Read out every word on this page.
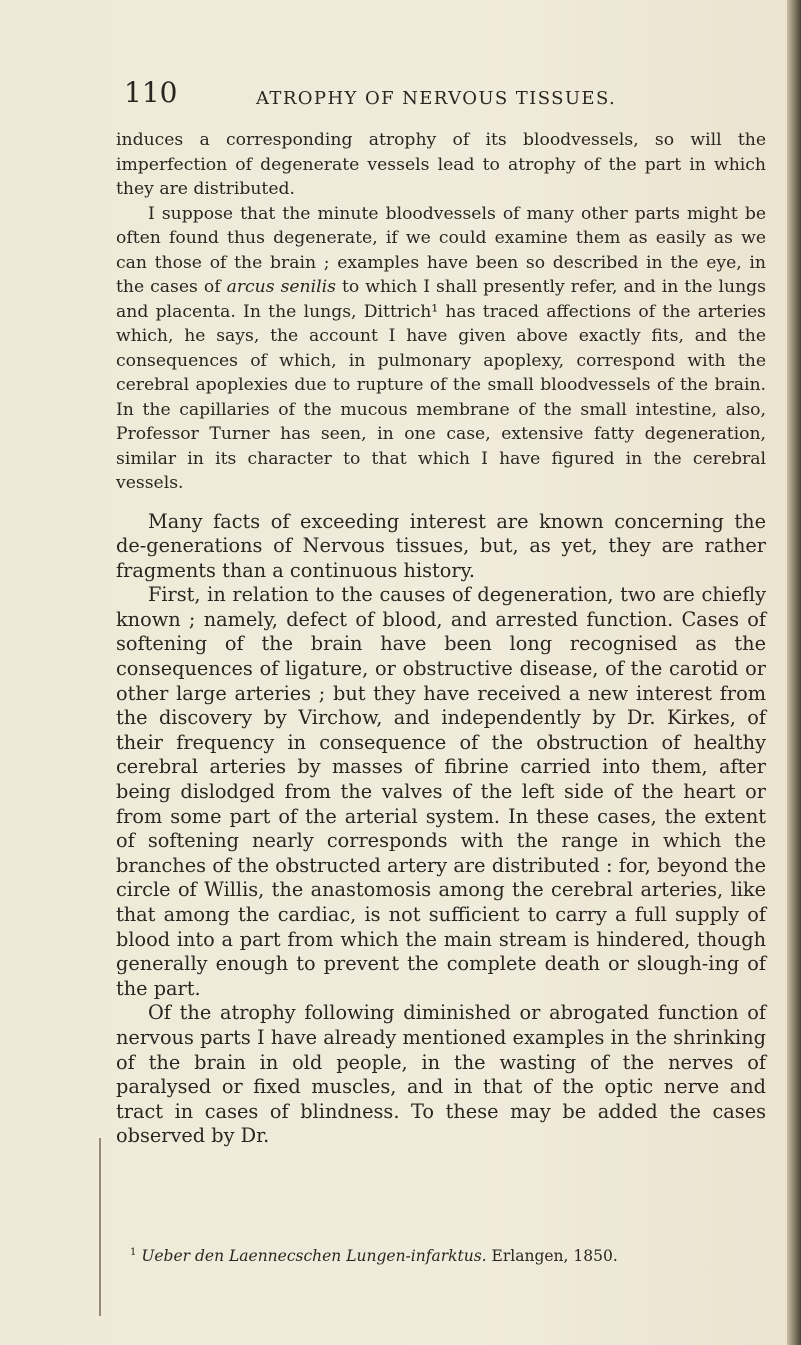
110	ATROPHY OF NERVOUS TISSUES.

induces a corresponding atrophy of its bloodvessels, so will the imperfection of degenerate vessels lead to atrophy of the part in which they are distributed.

I suppose that the minute bloodvessels of many other parts might be often found thus degenerate, if we could examine them as easily as we can those of the brain ; examples have been so described in the eye, in the cases of arcus senilis to which I shall presently refer, and in the lungs and placenta. In the lungs, Dittrich¹ has traced affections of the arteries which, he says, the account I have given above exactly fits, and the consequences of which, in pulmonary apoplexy, correspond with the cerebral apoplexies due to rupture of the small bloodvessels of the brain. In the capillaries of the mucous membrane of the small intestine, also, Professor Turner has seen, in one case, extensive fatty degeneration, similar in its character to that which I have figured in the cerebral vessels.

Many facts of exceeding interest are known concerning the de-generations of Nervous tissues, but, as yet, they are rather fragments than a continuous history.

First, in relation to the causes of degeneration, two are chiefly known ; namely, defect of blood, and arrested function. Cases of softening of the brain have been long recognised as the consequences of ligature, or obstructive disease, of the carotid or other large arteries ; but they have received a new interest from the discovery by Virchow, and independently by Dr. Kirkes, of their frequency in consequence of the obstruction of healthy cerebral arteries by masses of fibrine carried into them, after being dislodged from the valves of the left side of the heart or from some part of the arterial system. In these cases, the extent of softening nearly corresponds with the range in which the branches of the obstructed artery are distributed : for, beyond the circle of Willis, the anastomosis among the cerebral arteries, like that among the cardiac, is not sufficient to carry a full supply of blood into a part from which the main stream is hindered, though generally enough to prevent the complete death or slough-ing of the part.

Of the atrophy following diminished or abrogated function of nervous parts I have already mentioned examples in the shrinking of the brain in old people, in the wasting of the nerves of paralysed or fixed muscles, and in that of the optic nerve and tract in cases of blindness. To these may be added the cases observed by Dr.

$^1$ Ueber den Laennecschen Lungen-infarktus. Erlangen, 1850.
